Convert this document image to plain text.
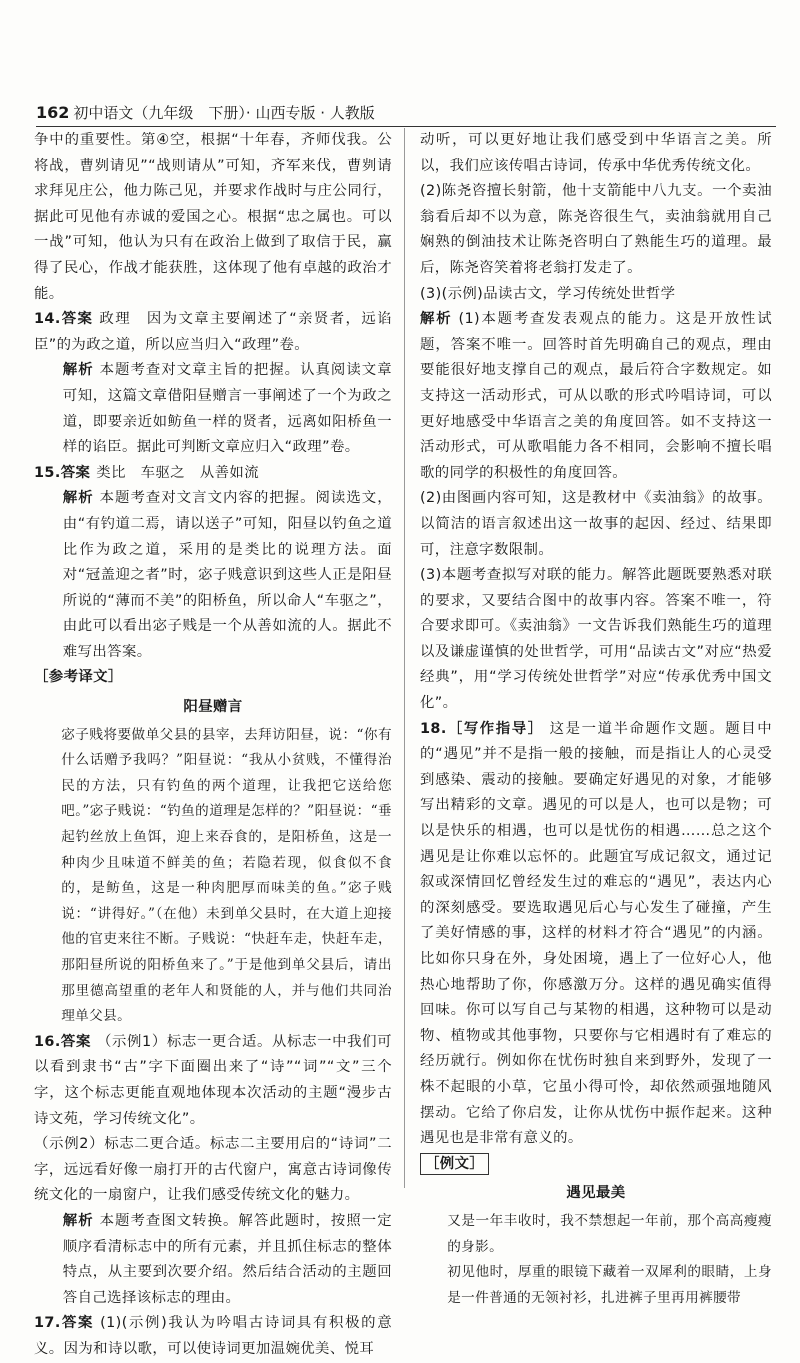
162 初中语文（九年级　下册）· 山西专版 · 人教版

争中的重要性。第④空，根据“十年春，齐师伐我。公将战，曹刿请见”“战则请从”可知，齐军来伐，曹刿请求拜见庄公，他力陈己见，并要求作战时与庄公同行，据此可见他有赤诚的爱国之心。根据“忠之属也。可以一战”可知，他认为只有在政治上做到了取信于民，赢得了民心，作战才能获胜，这体现了他有卓越的政治才能。

14.答案 政理　因为文章主要阐述了“亲贤者，远谄臣”的为政之道，所以应当归入“政理”卷。

解析 本题考查对文章主旨的把握。认真阅读文章可知，这篇文章借阳昼赠言一事阐述了一个为政之道，即要亲近如鲂鱼一样的贤者，远离如阳桥鱼一样的谄臣。据此可判断文章应归入“政理”卷。

15.答案 类比　车驱之　从善如流

解析 本题考查对文言文内容的把握。阅读选文，由“有钓道二焉，请以送子”可知，阳昼以钓鱼之道比作为政之道，采用的是类比的说理方法。面对“冠盖迎之者”时，宓子贱意识到这些人正是阳昼所说的“薄而不美”的阳桥鱼，所以命人“车驱之”，由此可以看出宓子贱是一个从善如流的人。据此不难写出答案。

［参考译文］

阳昼赠言

宓子贱将要做单父县的县宰，去拜访阳昼，说：“你有什么话赠予我吗？”阳昼说：“我从小贫贱，不懂得治民的方法，只有钓鱼的两个道理，让我把它送给您吧。”宓子贱说：“钓鱼的道理是怎样的？”阳昼说：“垂起钓丝放上鱼饵，迎上来吞食的，是阳桥鱼，这是一种肉少且味道不鲜美的鱼；若隐若现，似食似不食的，是鲂鱼，这是一种肉肥厚而味美的鱼。”宓子贱说：“讲得好。”（在他）未到单父县时，在大道上迎接他的官吏来往不断。子贱说：“快赶车走，快赶车走，那阳昼所说的阳桥鱼来了。”于是他到单父县后，请出那里德高望重的老年人和贤能的人，并与他们共同治理单父县。

16.答案 （示例1）标志一更合适。从标志一中我们可以看到隶书“古”字下面圈出来了“诗”“词”“文”三个字，这个标志更能直观地体现本次活动的主题“漫步古诗文苑，学习传统文化”。

（示例2）标志二更合适。标志二主要用启的“诗词”二字，远远看好像一扇打开的古代窗户，寓意古诗词像传统文化的一扇窗户，让我们感受传统文化的魅力。

解析 本题考查图文转换。解答此题时，按照一定顺序看清标志中的所有元素，并且抓住标志的整体特点，从主要到次要介绍。然后结合活动的主题回答自己选择该标志的理由。

17.答案 (1)(示例)我认为吟唱古诗词具有积极的意义。因为和诗以歌，可以使诗词更加温婉优美、悦耳

动听，可以更好地让我们感受到中华语言之美。所以，我们应该传唱古诗词，传承中华优秀传统文化。

(2)陈尧咨擅长射箭，他十支箭能中八九支。一个卖油翁看后却不以为意，陈尧咨很生气，卖油翁就用自己娴熟的倒油技术让陈尧咨明白了熟能生巧的道理。最后，陈尧咨笑着将老翁打发走了。

(3)(示例)品读古文，学习传统处世哲学

解析 (1)本题考查发表观点的能力。这是开放性试题，答案不唯一。回答时首先明确自己的观点，理由要能很好地支撑自己的观点，最后符合字数规定。如支持这一活动形式，可从以歌的形式吟唱诗词，可以更好地感受中华语言之美的角度回答。如不支持这一活动形式，可从歌唱能力各不相同，会影响不擅长唱歌的同学的积极性的角度回答。

(2)由图画内容可知，这是教材中《卖油翁》的故事。以简洁的语言叙述出这一故事的起因、经过、结果即可，注意字数限制。

(3)本题考查拟写对联的能力。解答此题既要熟悉对联的要求，又要结合图中的故事内容。答案不唯一，符合要求即可。《卖油翁》一文告诉我们熟能生巧的道理以及谦虚谨慎的处世哲学，可用“品读古文”对应“热爱经典”，用“学习传统处世哲学”对应“传承优秀中国文化”。

18.［写作指导］ 这是一道半命题作文题。题目中的“遇见”并不是指一般的接触，而是指让人的心灵受到感染、震动的接触。要确定好遇见的对象，才能够写出精彩的文章。遇见的可以是人，也可以是物；可以是快乐的相遇，也可以是忧伤的相遇……总之这个遇见是让你难以忘怀的。此题宜写成记叙文，通过记叙或深情回忆曾经发生过的难忘的“遇见”，表达内心的深刻感受。要选取遇见后心与心发生了碰撞，产生了美好情感的事，这样的材料才符合“遇见”的内涵。比如你只身在外，身处困境，遇上了一位好心人，他热心地帮助了你，你感激万分。这样的遇见确实值得回味。你可以写自己与某物的相遇，这种物可以是动物、植物或其他事物，只要你与它相遇时有了难忘的经历就行。例如你在忧伤时独自来到野外，发现了一株不起眼的小草，它虽小得可怜，却依然顽强地随风摆动。它给了你启发，让你从忧伤中振作起来。这种遇见也是非常有意义的。

［例文］

遇见最美

又是一年丰收时，我不禁想起一年前，那个高高瘦瘦的身影。

初见他时，厚重的眼镜下藏着一双犀利的眼睛，上身是一件普通的无领衬衫，扎进裤子里再用裤腰带
